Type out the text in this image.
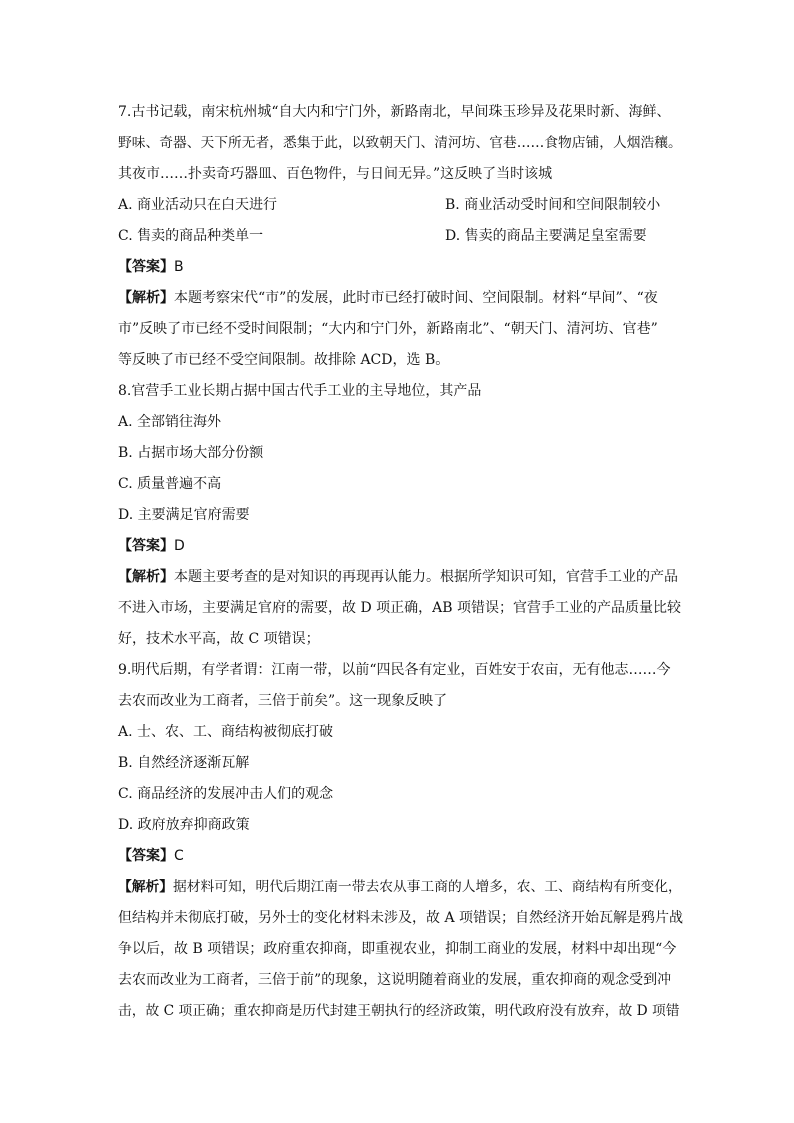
7.古书记载，南宋杭州城“自大内和宁门外，新路南北，早间珠玉珍异及花果时新、海鲜、
野味、奇器、天下所无者，悉集于此，以致朝天门、清河坊、官巷……食物店铺，人烟浩穰。
其夜市……扑卖奇巧器皿、百色物件，与日间无异。”这反映了当时该城
A. 商业活动只在白天进行	B. 商业活动受时间和空间限制较小
C. 售卖的商品种类单一	D. 售卖的商品主要满足皇室需要
【答案】B
【解析】本题考察宋代“市”的发展，此时市已经打破时间、空间限制。材料“早间”、“夜
市”反映了市已经不受时间限制；“大内和宁门外，新路南北”、“朝天门、清河坊、官巷”
等反映了市已经不受空间限制。故排除 ACD，选 B。
8.官营手工业长期占据中国古代手工业的主导地位，其产品
A. 全部销往海外
B. 占据市场大部分份额
C. 质量普遍不高
D. 主要满足官府需要
【答案】D
【解析】本题主要考查的是对知识的再现再认能力。根据所学知识可知，官营手工业的产品
不进入市场，主要满足官府的需要，故 D 项正确，AB 项错误；官营手工业的产品质量比较
好，技术水平高，故 C 项错误；
9.明代后期，有学者谓：江南一带，以前“四民各有定业，百姓安于农亩，无有他志……今
去农而改业为工商者，三倍于前矣”。这一现象反映了
A. 士、农、工、商结构被彻底打破
B. 自然经济逐渐瓦解
C. 商品经济的发展冲击人们的观念
D. 政府放弃抑商政策
【答案】C
【解析】据材料可知，明代后期江南一带去农从事工商的人增多，农、工、商结构有所变化，
但结构并未彻底打破，另外士的变化材料未涉及，故 A 项错误；自然经济开始瓦解是鸦片战
争以后，故 B 项错误；政府重农抑商，即重视农业，抑制工商业的发展，材料中却出现“今
去农而改业为工商者，三倍于前”的现象，这说明随着商业的发展，重农抑商的观念受到冲
击，故 C 项正确；重农抑商是历代封建王朝执行的经济政策，明代政府没有放弃，故 D 项错
